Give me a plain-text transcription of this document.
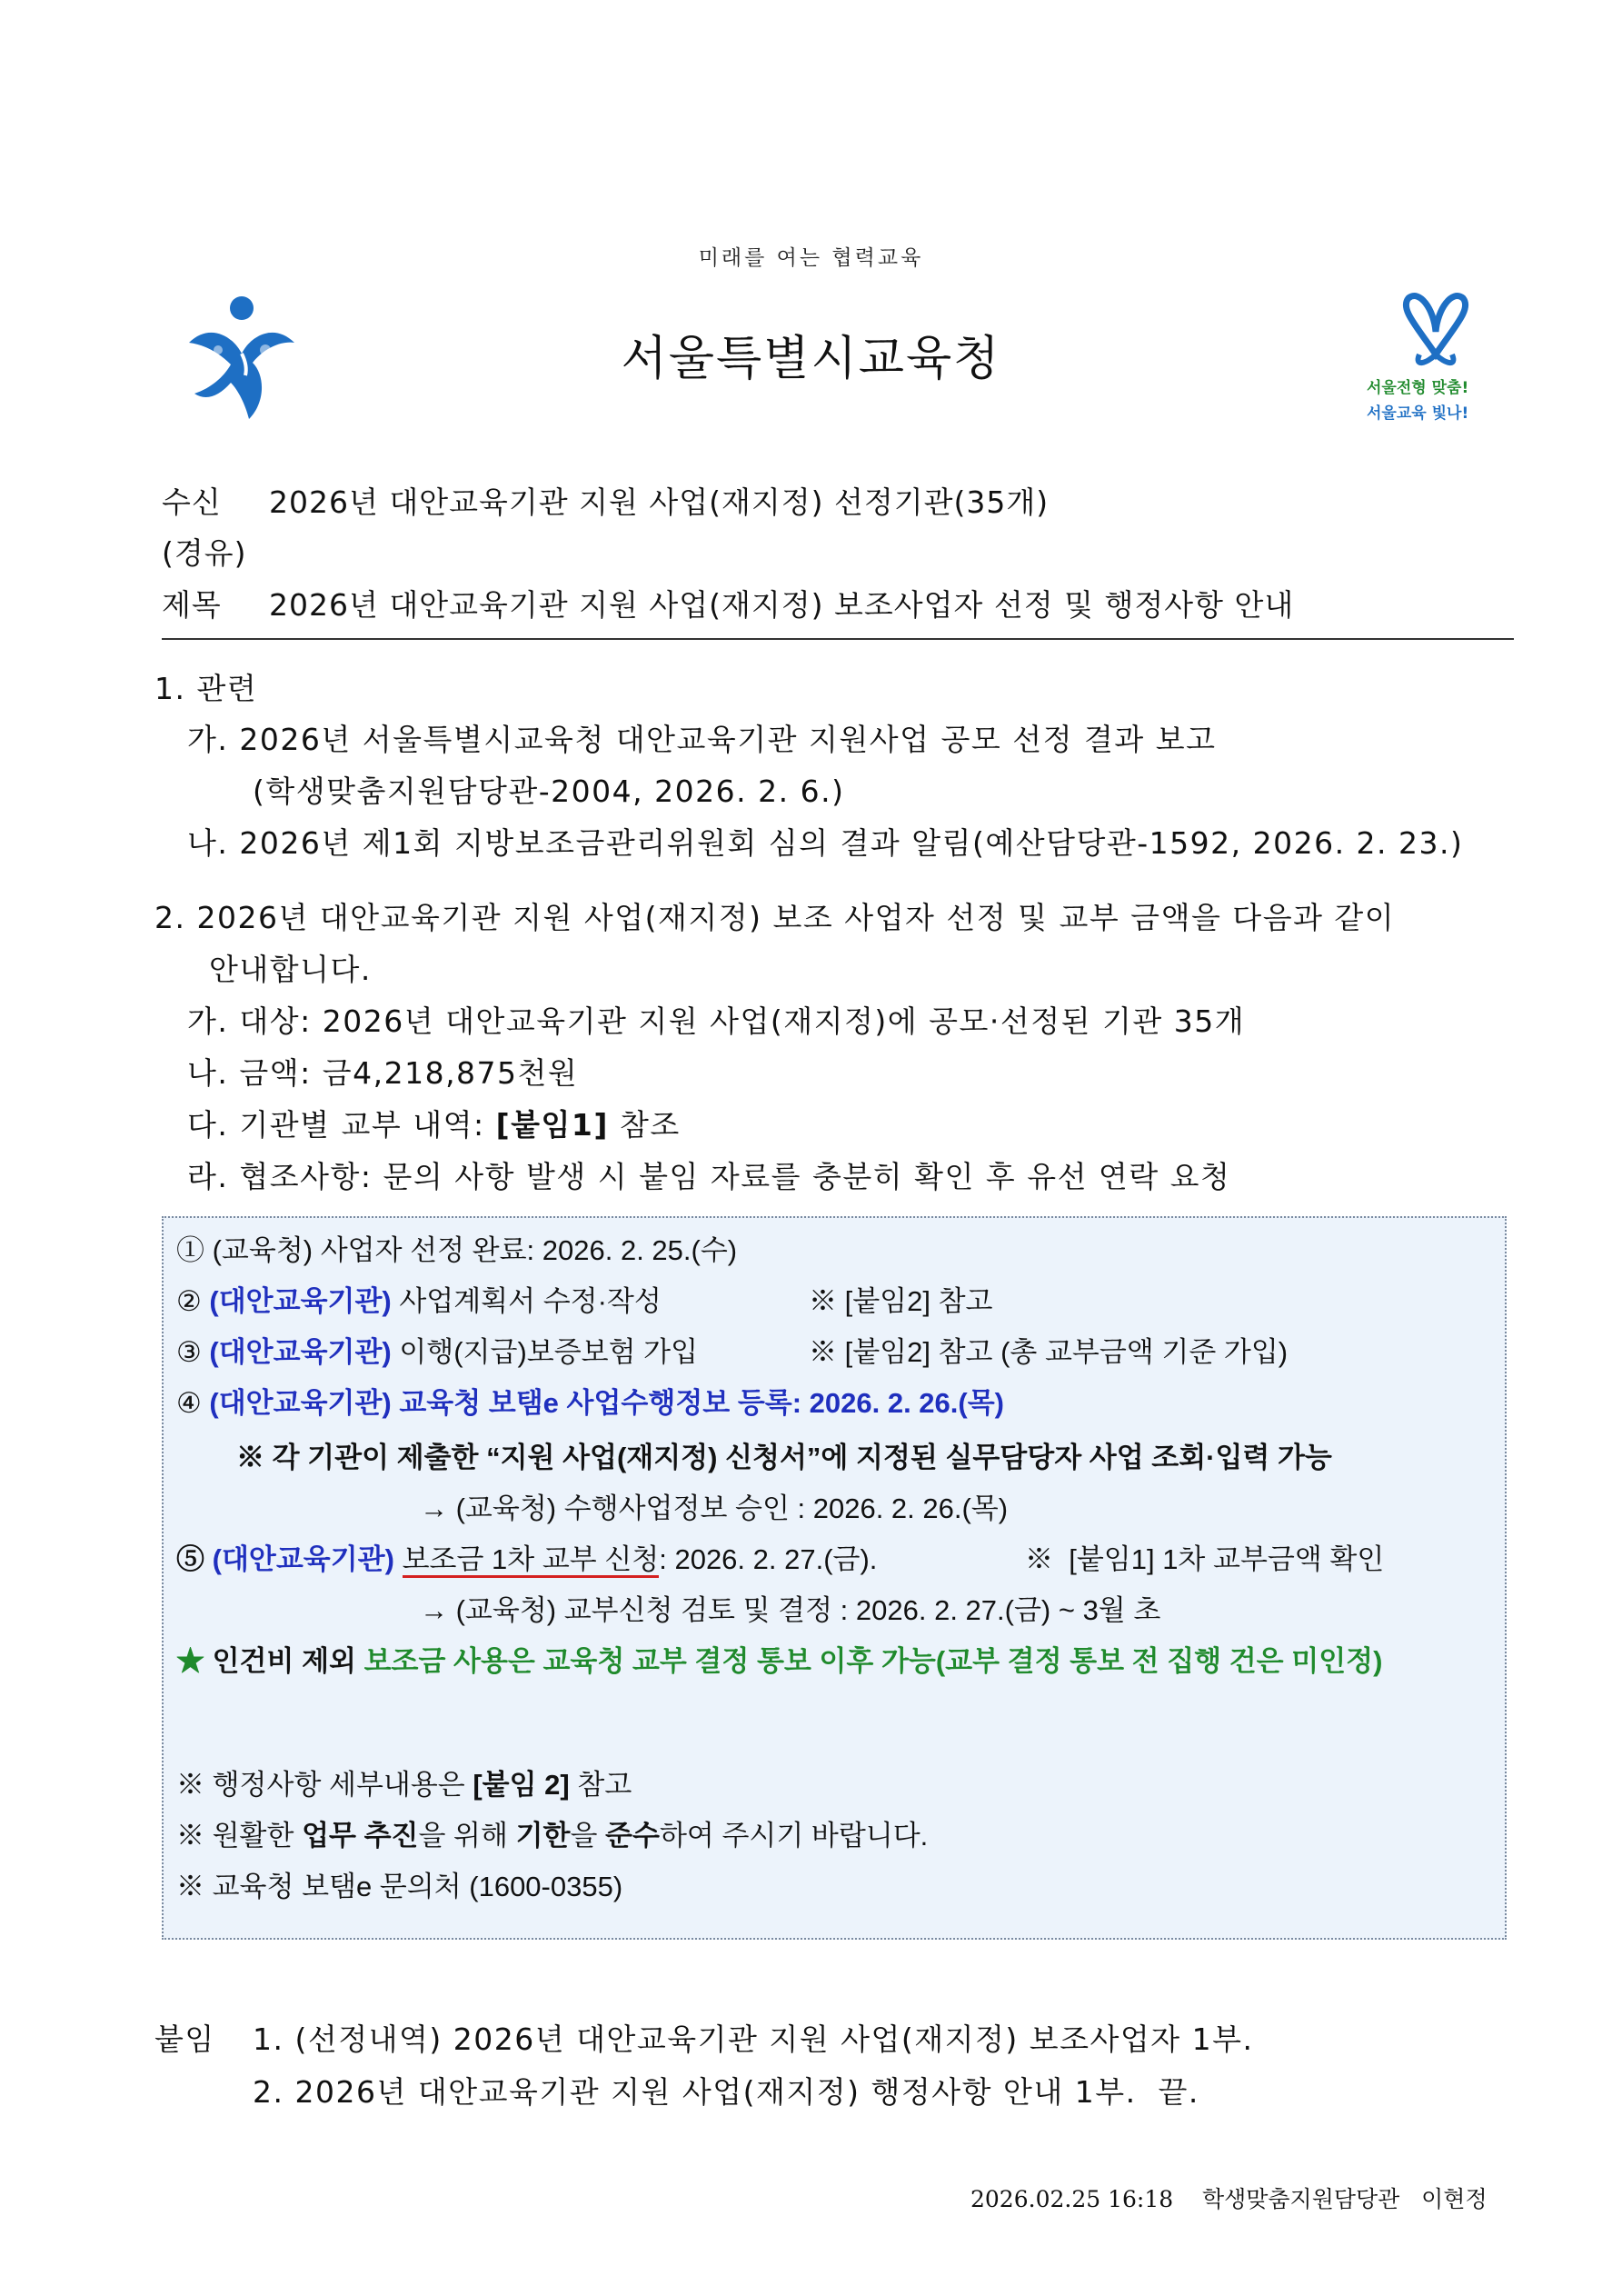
미래를 여는 협력교육
서울특별시교육청
서울전형 맞춤!
서울교육 빛나!
수신 2026년 대안교육기관 지원 사업(재지정) 선정기관(35개)
(경유)
제목 2026년 대안교육기관 지원 사업(재지정) 보조사업자 선정 및 행정사항 안내
1. 관련
가. 2026년 서울특별시교육청 대안교육기관 지원사업 공모 선정 결과 보고
(학생맞춤지원담당관-2004, 2026. 2. 6.)
나. 2026년 제1회 지방보조금관리위원회 심의 결과 알림(예산담당관-1592, 2026. 2. 23.)
2. 2026년 대안교육기관 지원 사업(재지정) 보조 사업자 선정 및 교부 금액을 다음과 같이
안내합니다.
가. 대상: 2026년 대안교육기관 지원 사업(재지정)에 공모·선정된 기관 35개
나. 금액: 금4,218,875천원
다. 기관별 교부 내역: [붙임1] 참조
라. 협조사항: 문의 사항 발생 시 붙임 자료를 충분히 확인 후 유선 연락 요청
① (교육청) 사업자 선정 완료: 2026. 2. 25.(수)
② (대안교육기관) 사업계획서 수정·작성	※ [붙임2] 참고
③ (대안교육기관) 이행(지급)보증보험 가입	※ [붙임2] 참고 (총 교부금액 기준 가입)
④ (대안교육기관) 교육청 보탬e 사업수행정보 등록: 2026. 2. 26.(목)
※ 각 기관이 제출한 “지원 사업(재지정) 신청서”에 지정된 실무담당자 사업 조회·입력 가능
→ (교육청) 수행사업정보 승인 : 2026. 2. 26.(목)
⑤ (대안교육기관) 보조금 1차 교부 신청: 2026. 2. 27.(금).	※  [붙임1] 1차 교부금액 확인
→ (교육청) 교부신청 검토 및 결정 : 2026. 2. 27.(금) ~ 3월 초
★ 인건비 제외 보조금 사용은 교육청 교부 결정 통보 이후 가능(교부 결정 통보 전 집행 건은 미인정)
※ 행정사항 세부내용은 [붙임 2] 참고
※ 원활한 업무 추진을 위해 기한을 준수하여 주시기 바랍니다.
※ 교육청 보탬e 문의처 (1600-0355)
붙임 1. (선정내역) 2026년 대안교육기관 지원 사업(재지정) 보조사업자 1부.
2. 2026년 대안교육기관 지원 사업(재지정) 행정사항 안내 1부.  끝.
2026.02.25 16:18 학생맞춤지원담당관 이현정
